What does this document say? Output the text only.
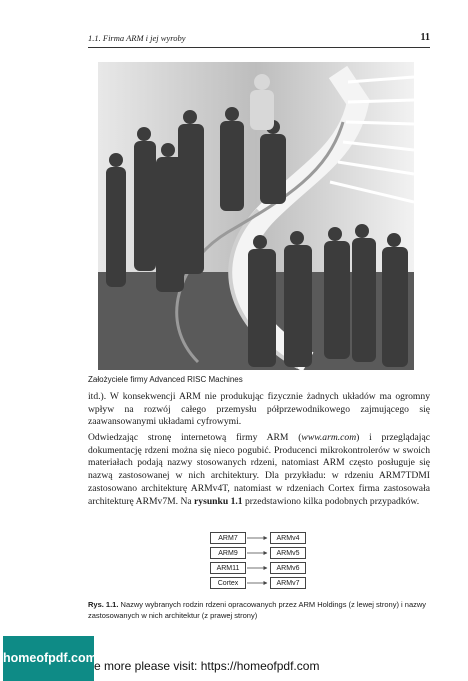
1.1. Firma ARM i jej wyroby	11
Założyciele firmy Advanced RISC Machines

itd.). W konsekwencji ARM nie produkując fizycznie żadnych układów ma ogromny wpływ na rozwój całego przemysłu półprzewodnikowego zajmującego się zaawansowanymi układami cyfrowymi.

Odwiedzając stronę internetową firmy ARM (www.arm.com) i przeglądając dokumentację rdzeni można się nieco pogubić. Producenci mikrokontrolerów w swoich materiałach podają nazwy stosowanych rdzeni, natomiast ARM często posługuje się nazwą zastosowanej w nich architektury. Dla przykładu: w rdzeniu ARM7TDMI zastosowano architekturę ARMv4T, natomiast w rdzeniach Cortex firma zastosowała architekturę ARMv7M. Na rysunku 1.1 przedstawiono kilka podobnych przypadków.

ARM7
ARM9
ARM11
Cortex
ARMv4
ARMv5
ARMv6
ARMv7
Rys. 1.1. Nazwy wybranych rodzin rdzeni opracowanych przez ARM Holdings (z lewej strony) i nazwy zastosowanych w nich architektur (z prawej strony)
homeofpdf.com
e more please visit: https://homeofpdf.com
